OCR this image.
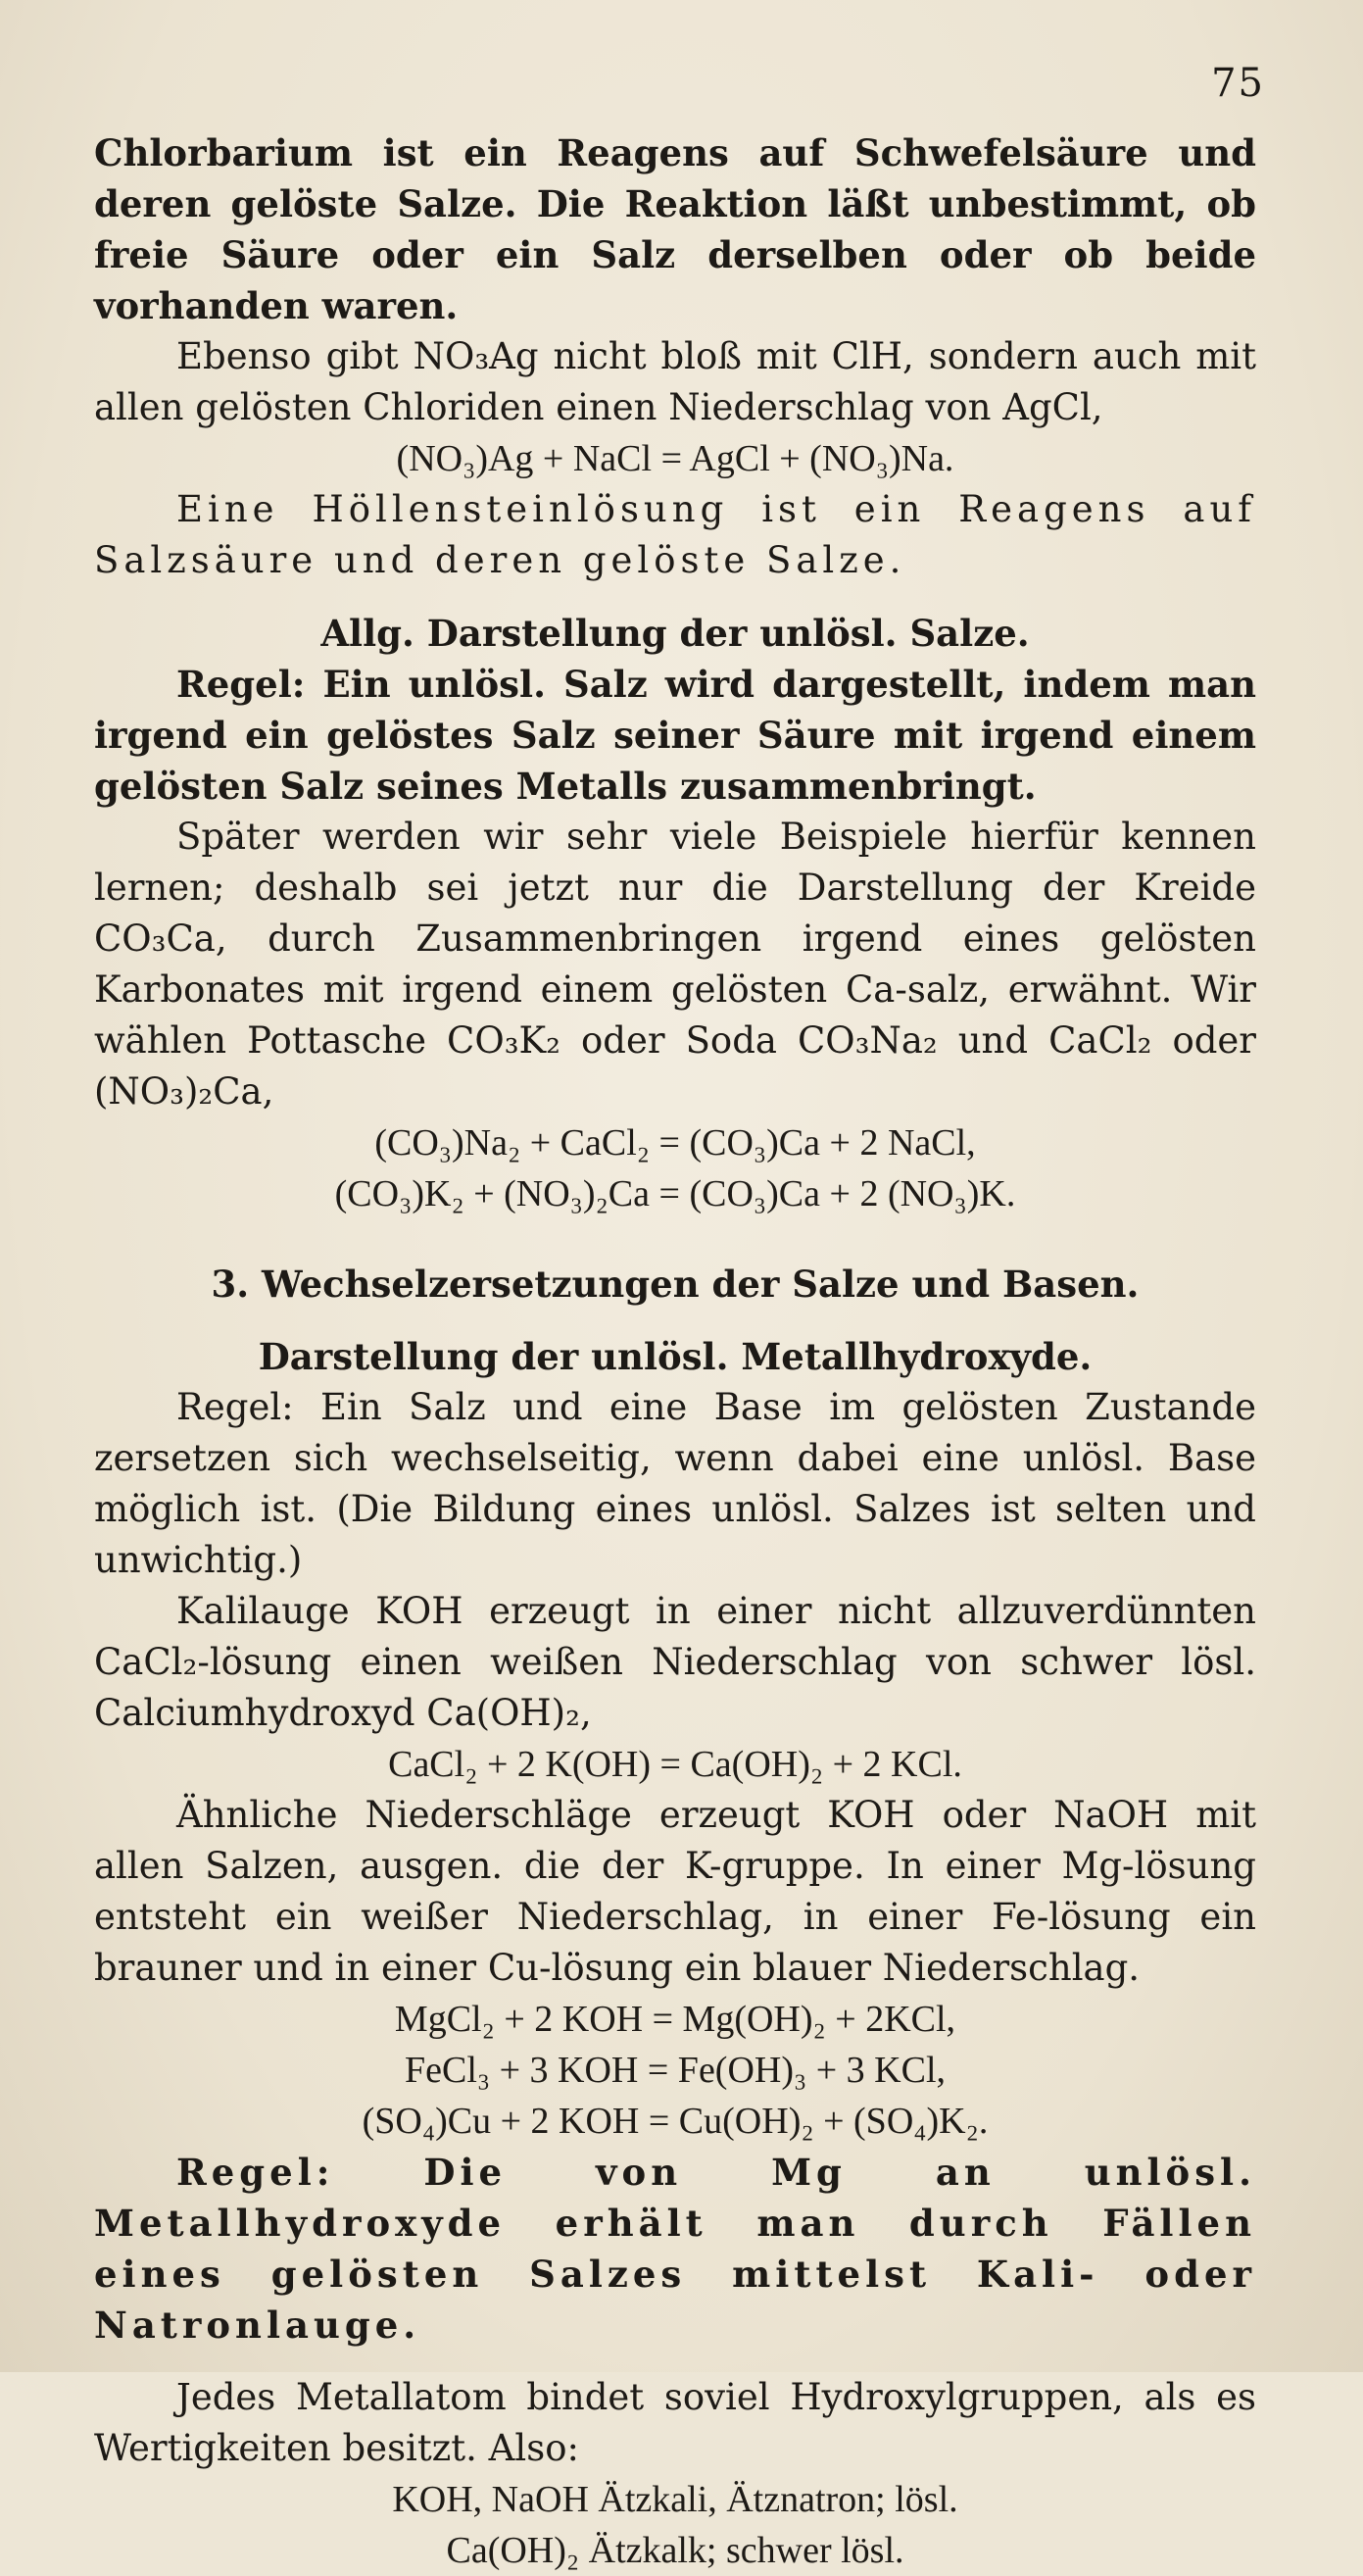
75

Chlorbarium ist ein Reagens auf Schwefelsäure und deren gelöste Salze. Die Reaktion läßt unbestimmt, ob freie Säure oder ein Salz derselben oder ob beide vorhanden waren.

Ebenso gibt NO₃Ag nicht bloß mit ClH, sondern auch mit allen gelösten Chloriden einen Niederschlag von AgCl,

(NO₃)Ag + NaCl = AgCl + (NO₃)Na.

Eine Höllensteinlösung ist ein Reagens auf Salzsäure und deren gelöste Salze.

Allg. Darstellung der unlösl. Salze.

Regel: Ein unlösl. Salz wird dargestellt, indem man irgend ein gelöstes Salz seiner Säure mit irgend einem gelösten Salz seines Metalls zusammenbringt.

Später werden wir sehr viele Beispiele hierfür kennen lernen; deshalb sei jetzt nur die Darstellung der Kreide CO₃Ca, durch Zusammenbringen irgend eines gelösten Karbonates mit irgend einem gelösten Ca-salz, erwähnt. Wir wählen Pottasche CO₃K₂ oder Soda CO₃Na₂ und CaCl₂ oder (NO₃)₂Ca,

(CO₃)Na₂ + CaCl₂ = (CO₃)Ca + 2 NaCl,

(CO₃)K₂ + (NO₃)₂Ca = (CO₃)Ca + 2 (NO₃)K.

3. Wechselzersetzungen der Salze und Basen.

Darstellung der unlösl. Metallhydroxyde.

Regel: Ein Salz und eine Base im gelösten Zustande zersetzen sich wechselseitig, wenn dabei eine unlösl. Base möglich ist. (Die Bildung eines unlösl. Salzes ist selten und unwichtig.)

Kalilauge KOH erzeugt in einer nicht allzuverdünnten CaCl₂-lösung einen weißen Niederschlag von schwer lösl. Calciumhydroxyd Ca(OH)₂,

CaCl₂ + 2 K(OH) = Ca(OH)₂ + 2 KCl.

Ähnliche Niederschläge erzeugt KOH oder NaOH mit allen Salzen, ausgen. die der K-gruppe. In einer Mg-lösung entsteht ein weißer Niederschlag, in einer Fe-lösung ein brauner und in einer Cu-lösung ein blauer Niederschlag.

MgCl₂ + 2 KOH = Mg(OH)₂ + 2KCl,

FeCl₃ + 3 KOH = Fe(OH)₃ + 3 KCl,

(SO₄)Cu + 2 KOH = Cu(OH)₂ + (SO₄)K₂.

Regel: Die von Mg an unlösl. Metallhydroxyde erhält man durch Fällen eines gelösten Salzes mittelst Kali- oder Natronlauge.

Jedes Metallatom bindet soviel Hydroxylgruppen, als es Wertigkeiten besitzt. Also:

KOH, NaOH Ätzkali, Ätznatron; lösl.

Ca(OH)₂ Ätzkalk; schwer lösl.
